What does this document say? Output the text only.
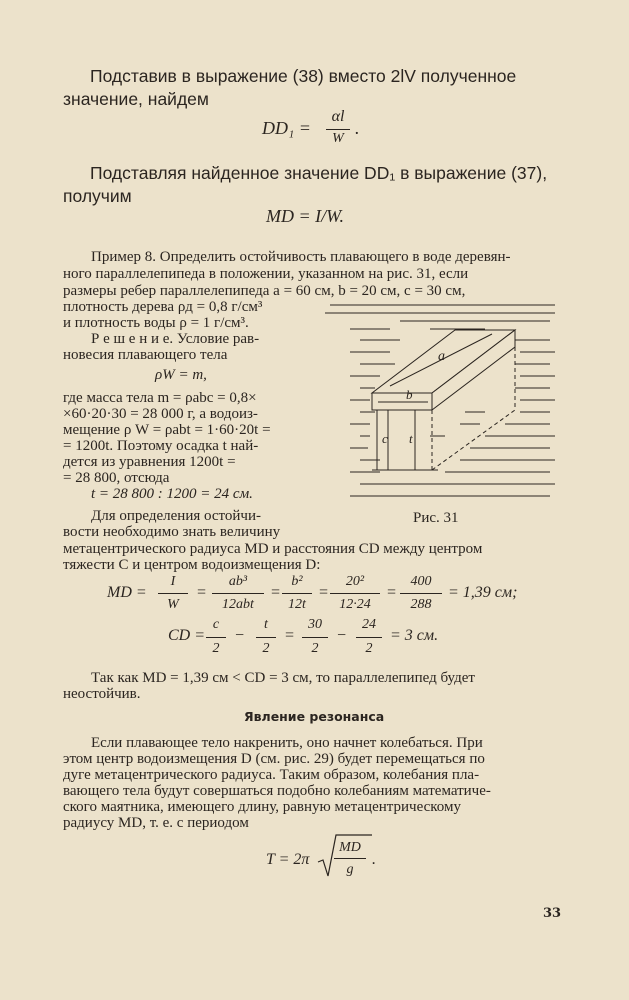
Подставив в выражение (38) вместо 2lV полученное
значение, найдем
DD₁ =
αl
W
.
Подставляя найденное значение DD₁ в выражение (37),
получим
MD = I/W.
Пример 8. Определить остойчивость плавающего в воде деревян-
ного параллелепипеда в положении, указанном на рис. 31, если
размеры ребер параллелепипеда a = 60 см, b = 20 см, c = 30 см,
плотность дерева ρд = 0,8 г/см³
и плотность воды ρ = 1 г/см³.
Р е ш е н и е. Условие рав-
новесия плавающего тела
ρW = m,
где масса тела m = ρabc = 0,8×
×60·20·30 = 28 000 г, а водоиз-
мещение ρ W = ρabt = 1·60·20t =
= 1200t. Поэтому осадка t най-
дется из уравнения 1200t =
= 28 800, отсюда
t = 28 800 : 1200 = 24 см.
Для определения остойчи-
вости необходимо знать величину
метацентрического радиуса MD и расстояния CD между центром
тяжести C и центром водоизмещения D:
a
b
c t
Рис. 31
MD =
I
W
=
ab³
12abt
=
b²
12t
=
20²
12·24
=
400
288
= 1,39 см;
CD =
c
2
−
t
2
=
30
2
−
24
2
= 3 см.
Так как MD = 1,39 см < CD = 3 см, то параллелепипед будет
неостойчив.
Явление резонанса
Если плавающее тело накренить, оно начнет колебаться. При
этом центр водоизмещения D (см. рис. 29) будет перемещаться по
дуге метацентрического радиуса. Таким образом, колебания пла-
вающего тела будут совершаться подобно колебаниям математиче-
ского маятника, имеющего длину, равную метацентрическому
радиусу MD, т. е. с периодом
T = 2π
MD
g
.
33
